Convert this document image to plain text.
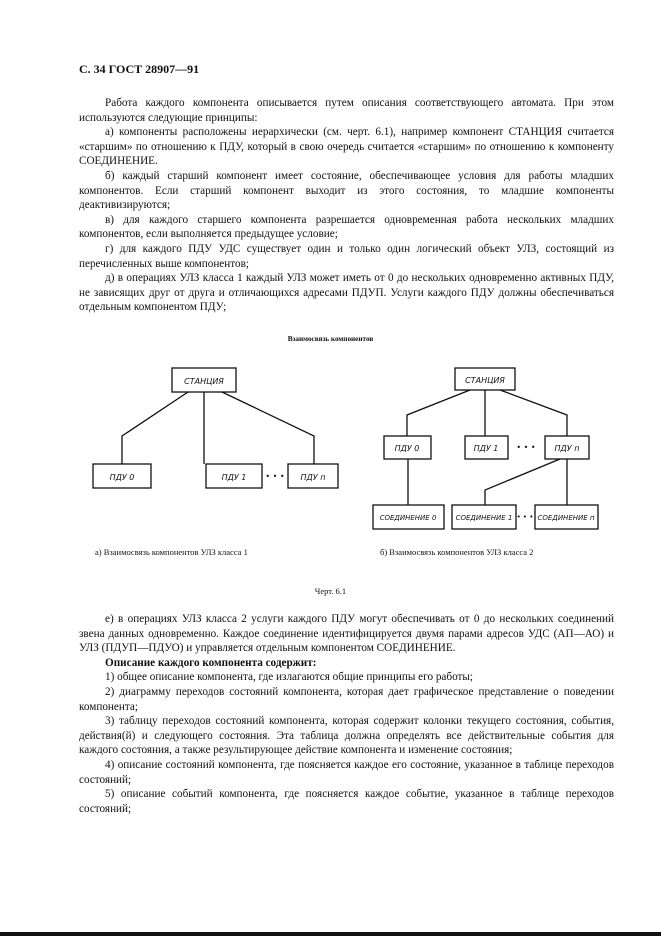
С. 34 ГОСТ 28907—91

Работа каждого компонента описывается путем описания соответствующего автомата. При этом используются следующие принципы:

а) компоненты расположены иерархически (см. черт. 6.1), например компонент СТАНЦИЯ считается «старшим» по отношению к ПДУ, который в свою очередь считается «старшим» по отношению к компоненту СОЕДИНЕНИЕ.

б) каждый старший компонент имеет состояние, обеспечивающее условия для работы младших компонентов. Если старший компонент выходит из этого состояния, то младшие компоненты деактивизируются;

в) для каждого старшего компонента разрешается одновременная работа нескольких младших компонентов, если выполняется предыдущее условие;

г) для каждого ПДУ УДС существует один и только один логический объект УЛЗ, состоящий из перечисленных выше компонентов;

д) в операциях УЛЗ класса 1 каждый УЛЗ может иметь от 0 до нескольких одновременно активных ПДУ, не зависящих друг от друга и отличающихся адресами ПДУП. Услуги каждого ПДУ должны обеспечиваться отдельным компонентом ПДУ;

Взаимосвязь компонентов
СТАНЦИЯ
ПДУ 0	ПДУ 1	ПДУ п
• • •
СТАНЦИЯ
ПДУ 0	ПДУ 1	ПДУ п
• • •
СОЕДИНЕНИЕ 0	СОЕДИНЕНИЕ 1	СОЕДИНЕНИЕ п
• • •
а) Взаимосвязь компонентов УЛЗ класса 1	б) Взаимосвязь компонентов УЛЗ класса 2
Черт. 6.1

е) в операциях УЛЗ класса 2 услуги каждого ПДУ могут обеспечивать от 0 до нескольких соединений звена данных одновременно. Каждое соединение идентифицируется двумя парами адресов УДС (АП—АО) и УЛЗ (ПДУП—ПДУО) и управляется отдельным компонентом СОЕДИНЕНИЕ.

Описание каждого компонента содержит:

1) общее описание компонента, где излагаются общие принципы его работы;

2) диаграмму переходов состояний компонента, которая дает графическое представление о поведении компонента;

3) таблицу переходов состояний компонента, которая содержит колонки текущего состояния, события, действия(й) и следующего состояния. Эта таблица должна определять все действительные события для каждого состояния, а также результирующее действие компонента и изменение состояния;

4) описание состояний компонента, где поясняется каждое его состояние, указанное в таблице переходов состояний;

5) описание событий компонента, где поясняется каждое событие, указанное в таблице переходов состояний;
